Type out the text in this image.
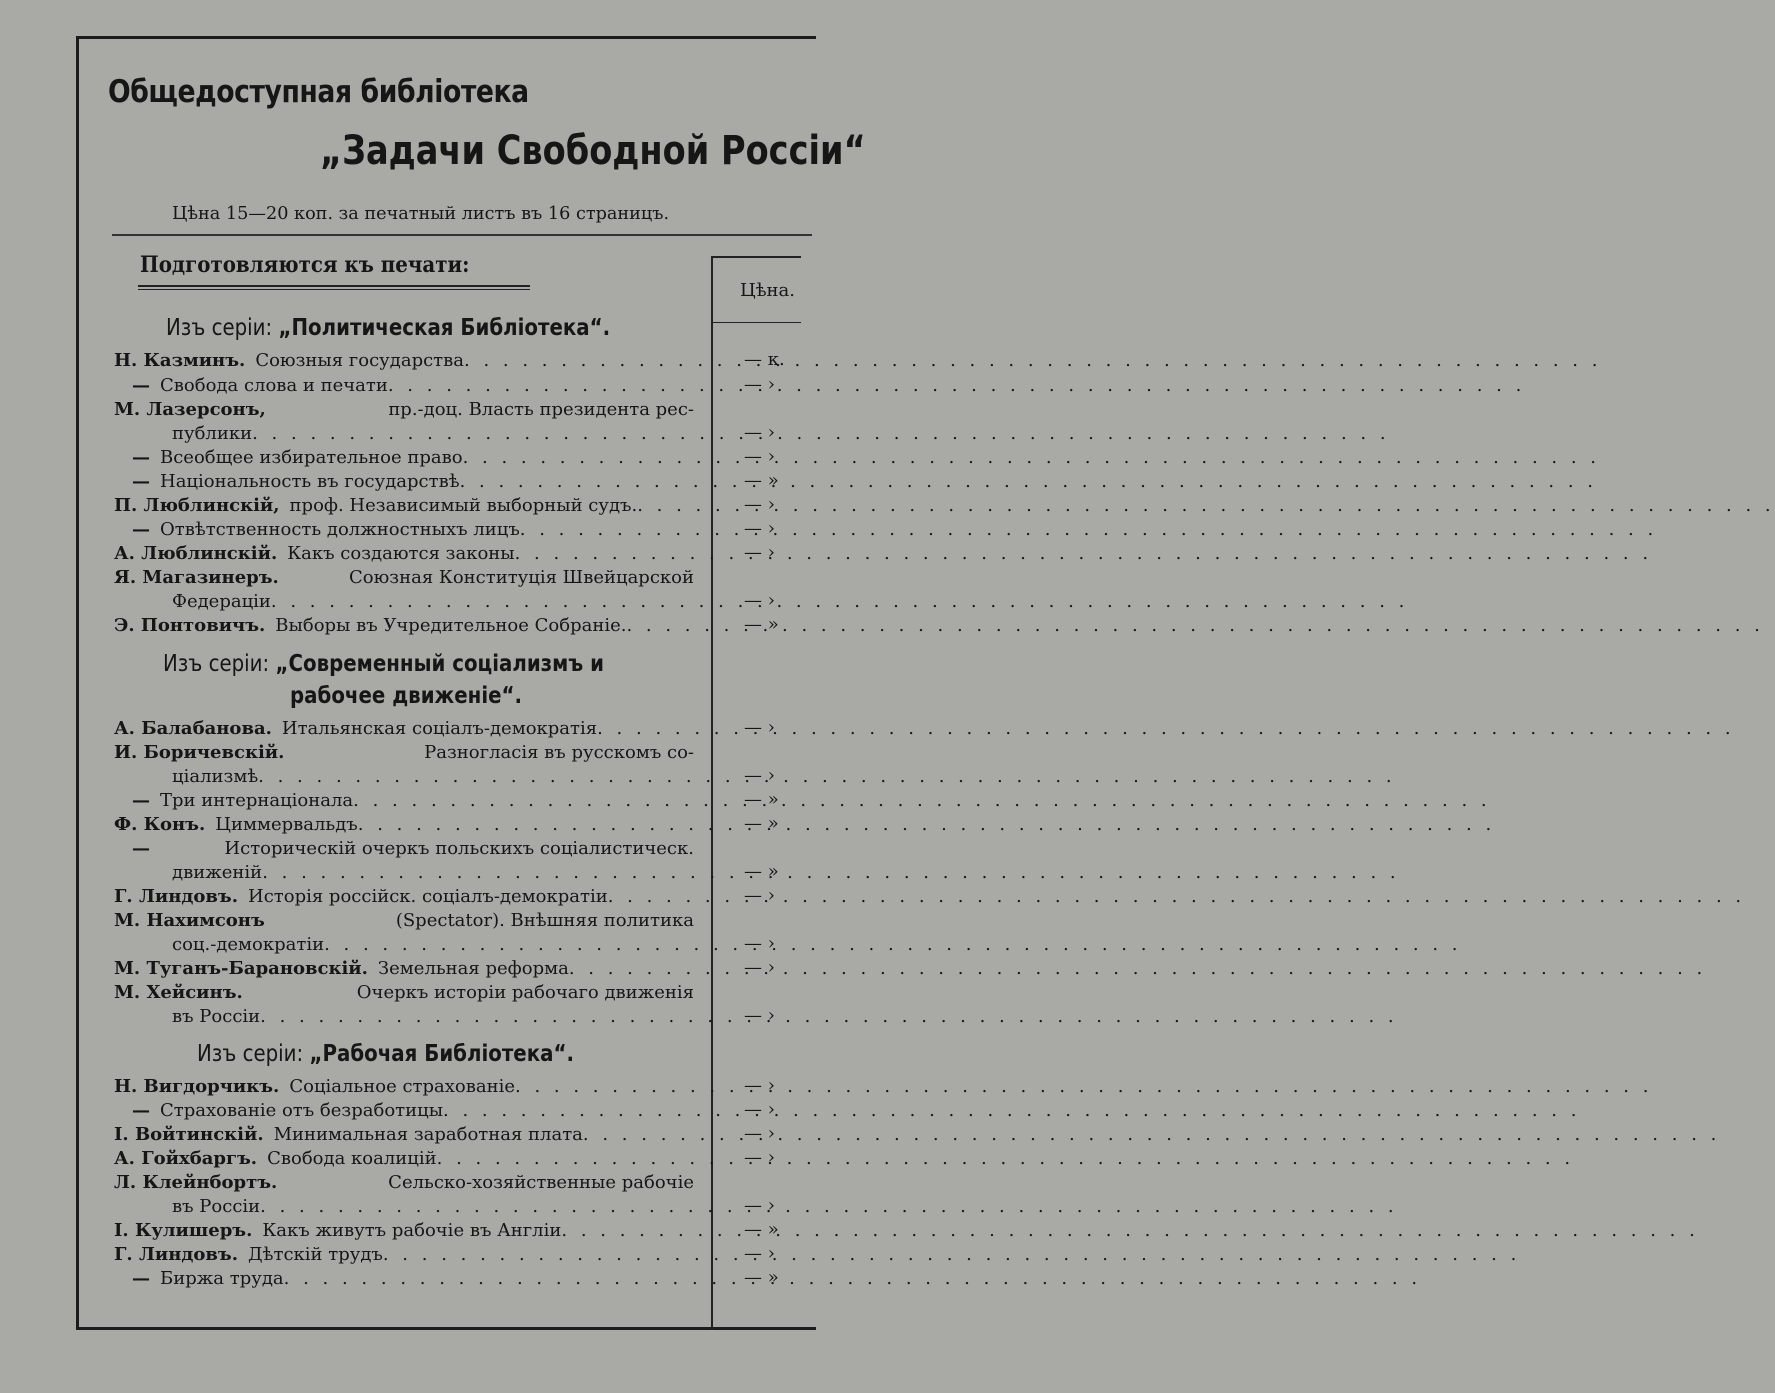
Общедоступная библіотека
„Задачи Свободной Россіи“
Цѣна 15—20 коп. за печатный листъ въ 16 страницъ.
Подготовляются къ печати:
Цѣна.
Изъ серіи: „Политическая Библіотека“.
Н. Казминъ. Союзныя государства . . .	— к.
— Свобода слова и печати . . .	— ›
М. Лазерсонъ,	пр.-доц. Власть президента рес-
публики . . .	— ›
— Всеобщее избирательное право . . .	— ›
— Національность въ государствѣ . . .	— »
П. Люблинскій, проф. Независимый выборный судъ. . . .	— ›
— Отвѣтственность должностныхъ лицъ . . .	— ›
А. Люблинскій. Какъ создаются законы . . .	— ›
Я. Магазинеръ.	Союзная Конституція Швейцарской
Федераціи . . .	— ›
Э. Понтовичъ. Выборы въ Учредительное Собраніе. . . .	— »
Изъ серіи: „Современный соціализмъ и
рабочее движеніе“.
А. Балабанова. Итальянская соціалъ-демократія . . .	— ›
И. Боричевскій.	Разногласія въ русскомъ со-
ціализмѣ . . .	— ›
— Три интернаціонала . . .	— »
Ф. Конъ. Циммервальдъ . . .	— »
—	Историческій очеркъ польскихъ соціалистическ.
движеній . . .	— »
Г. Линдовъ. Исторія россійск. соціалъ-демократіи . . .	— ›
М. Нахимсонъ	(Spectator). Внѣшняя политика
соц.-демократіи . . .	— ›
М. Туганъ-Барановскій. Земельная реформа . . .	— ›
М. Хейсинъ.	Очеркъ исторіи рабочаго движенія
въ Россіи . . .	— ›
Изъ серіи: „Рабочая Библіотека“.
Н. Вигдорчикъ. Соціальное страхованіе . . .	— ›
— Страхованіе отъ безработицы . . .	— ›
І. Войтинскій. Минимальная заработная плата . . .	— ›
А. Гойхбаргъ. Свобода коалицій . . .	— ›
Л. Клейнбортъ.	Сельско-хозяйственные рабочіе
въ Россіи . . .	— ›
І. Кулишеръ. Какъ живутъ рабочіе въ Англіи . . .	— »
Г. Линдовъ. Дѣтскій трудъ . . .	— ›
— Биржа труда . . .	— »
